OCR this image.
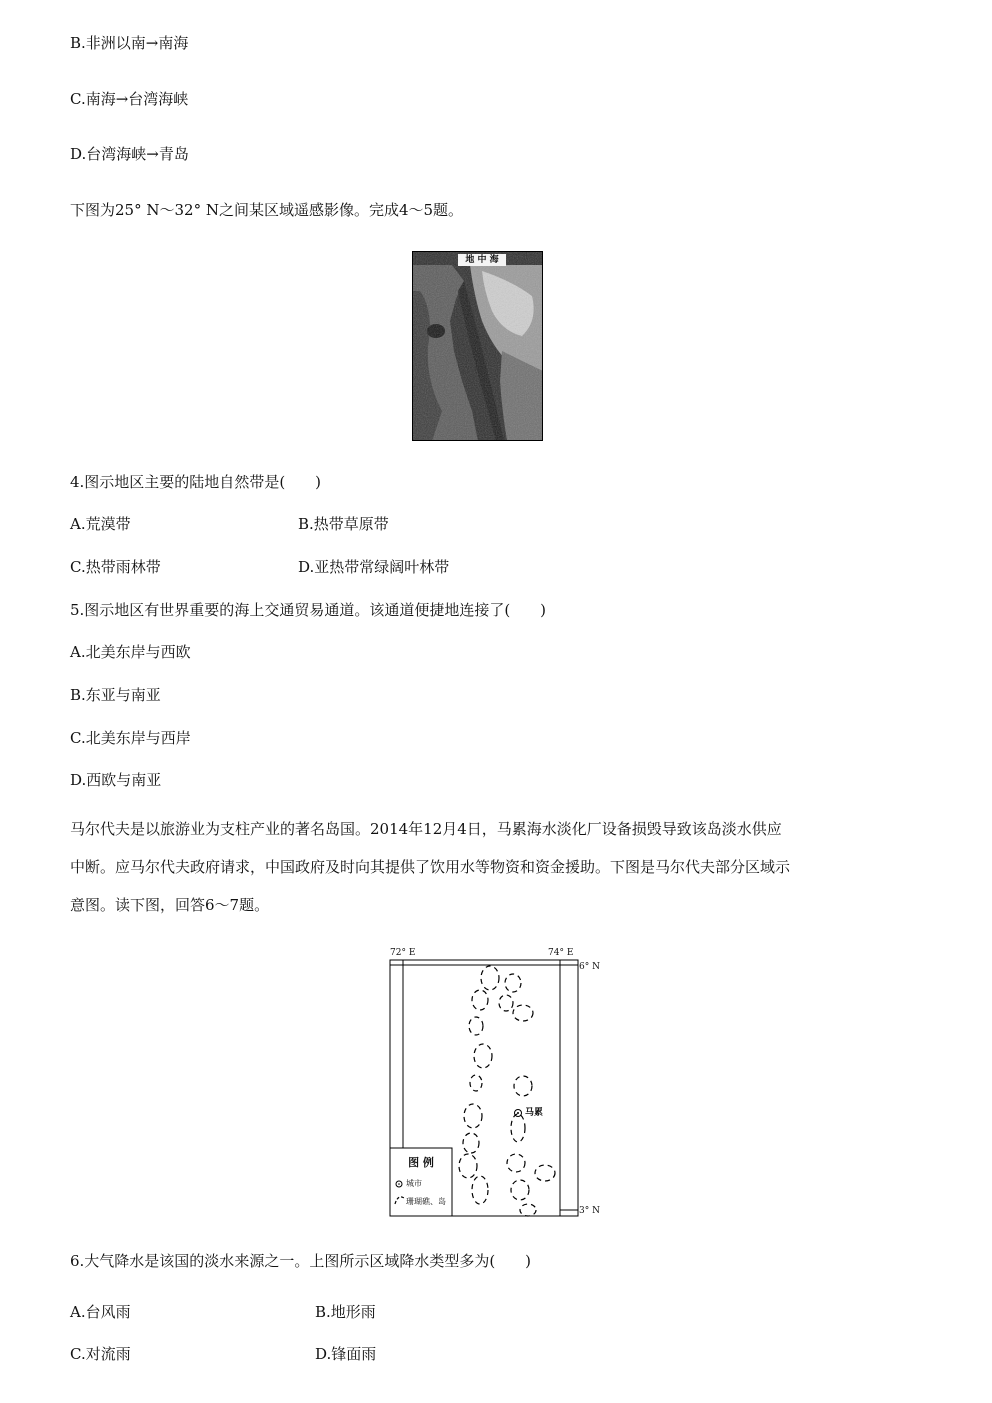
B.非洲以南→南海
C.南海→台湾海峡
D.台湾海峡→青岛
下图为25° N～32° N之间某区域遥感影像。完成4～5题。
地 中 海
4.图示地区主要的陆地自然带是(　　)
A.荒漠带	B.热带草原带
C.热带雨林带	D.亚热带常绿阔叶林带
5.图示地区有世界重要的海上交通贸易通道。该通道便捷地连接了(　　)
A.北美东岸与西欧
B.东亚与南亚
C.北美东岸与西岸
D.西欧与南亚
马尔代夫是以旅游业为支柱产业的著名岛国。2014年12月4日，马累海水淡化厂设备损毁导致该岛淡水供应
中断。应马尔代夫政府请求，中国政府及时向其提供了饮用水等物资和资金援助。下图是马尔代夫部分区域示
意图。读下图，回答6～7题。
72° E	74° E
6° N
3° N
马累
图 例
城市
珊瑚礁、岛
6.大气降水是该国的淡水来源之一。上图所示区域降水类型多为(　　)
A.台风雨	B.地形雨
C.对流雨	D.锋面雨
